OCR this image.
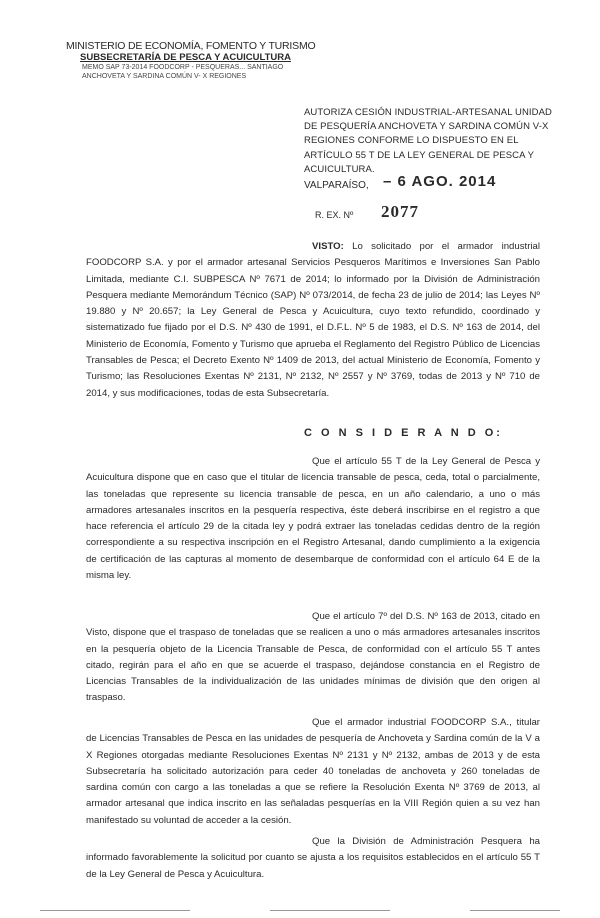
MINISTERIO DE ECONOMÍA, FOMENTO Y TURISMO
SUBSECRETARÍA DE PESCA Y ACUICULTURA
MEMO SAP 73-2014 FOODCORP - PESQUERAS... SANTIAGO
ANCHOVETA Y SARDINA COMÚN V- X REGIONES
AUTORIZA CESIÓN INDUSTRIAL-ARTESANAL UNIDAD DE PESQUERÍA ANCHOVETA Y SARDINA COMÚN V-X REGIONES CONFORME LO DISPUESTO EN EL ARTÍCULO 55 T DE LA LEY GENERAL DE PESCA Y ACUICULTURA.
VALPARAÍSO, – 6 AGO. 2014
R. EX. Nº 2077
VISTO: Lo solicitado por el armador industrial FOODCORP S.A. y por el armador artesanal Servicios Pesqueros Marítimos e Inversiones San Pablo Limitada, mediante C.I. SUBPESCA Nº 7671 de 2014; lo informado por la División de Administración Pesquera mediante Memorándum Técnico (SAP) Nº 073/2014, de fecha 23 de julio de 2014; las Leyes Nº 19.880 y Nº 20.657; la Ley General de Pesca y Acuicultura, cuyo texto refundido, coordinado y sistematizado fue fijado por el D.S. Nº 430 de 1991, el D.F.L. Nº 5 de 1983, el D.S. Nº 163 de 2014, del Ministerio de Economía, Fomento y Turismo que aprueba el Reglamento del Registro Público de Licencias Transables de Pesca; el Decreto Exento Nº 1409 de 2013, del actual Ministerio de Economía, Fomento y Turismo; las Resoluciones Exentas Nº 2131, Nº 2132, Nº 2557 y Nº 3769, todas de 2013 y Nº 710 de 2014, y sus modificaciones, todas de esta Subsecretaría.
C O N S I D E R A N D O:
Que el artículo 55 T de la Ley General de Pesca y Acuicultura dispone que en caso que el titular de licencia transable de pesca, ceda, total o parcialmente, las toneladas que represente su licencia transable de pesca, en un año calendario, a uno o más armadores artesanales inscritos en la pesquería respectiva, éste deberá inscribirse en el registro a que hace referencia el artículo 29 de la citada ley y podrá extraer las toneladas cedidas dentro de la región correspondiente a su respectiva inscripción en el Registro Artesanal, dando cumplimiento a la exigencia de certificación de las capturas al momento de desembarque de conformidad con el artículo 64 E de la misma ley.
Que el artículo 7º del D.S. Nº 163 de 2013, citado en Visto, dispone que el traspaso de toneladas que se realicen a uno o más armadores artesanales inscritos en la pesquería objeto de la Licencia Transable de Pesca, de conformidad con el artículo 55 T antes citado, regirán para el año en que se acuerde el traspaso, dejándose constancia en el Registro de Licencias Transables de la individualización de las unidades mínimas de división que den origen al traspaso.
Que el armador industrial FOODCORP S.A., titular de Licencias Transables de Pesca en las unidades de pesquería de Anchoveta y Sardina común de la V a X Regiones otorgadas mediante Resoluciones Exentas Nº 2131 y Nº 2132, ambas de 2013 y de esta Subsecretaría ha solicitado autorización para ceder 40 toneladas de anchoveta y 260 toneladas de sardina común con cargo a las toneladas a que se refiere la Resolución Exenta Nº 3769 de 2013, al armador artesanal que indica inscrito en las señaladas pesquerías en la VIII Región quien a su vez han manifestado su voluntad de acceder a la cesión.
Que la División de Administración Pesquera ha informado favorablemente la solicitud por cuanto se ajusta a los requisitos establecidos en el artículo 55 T de la Ley General de Pesca y Acuicultura.
